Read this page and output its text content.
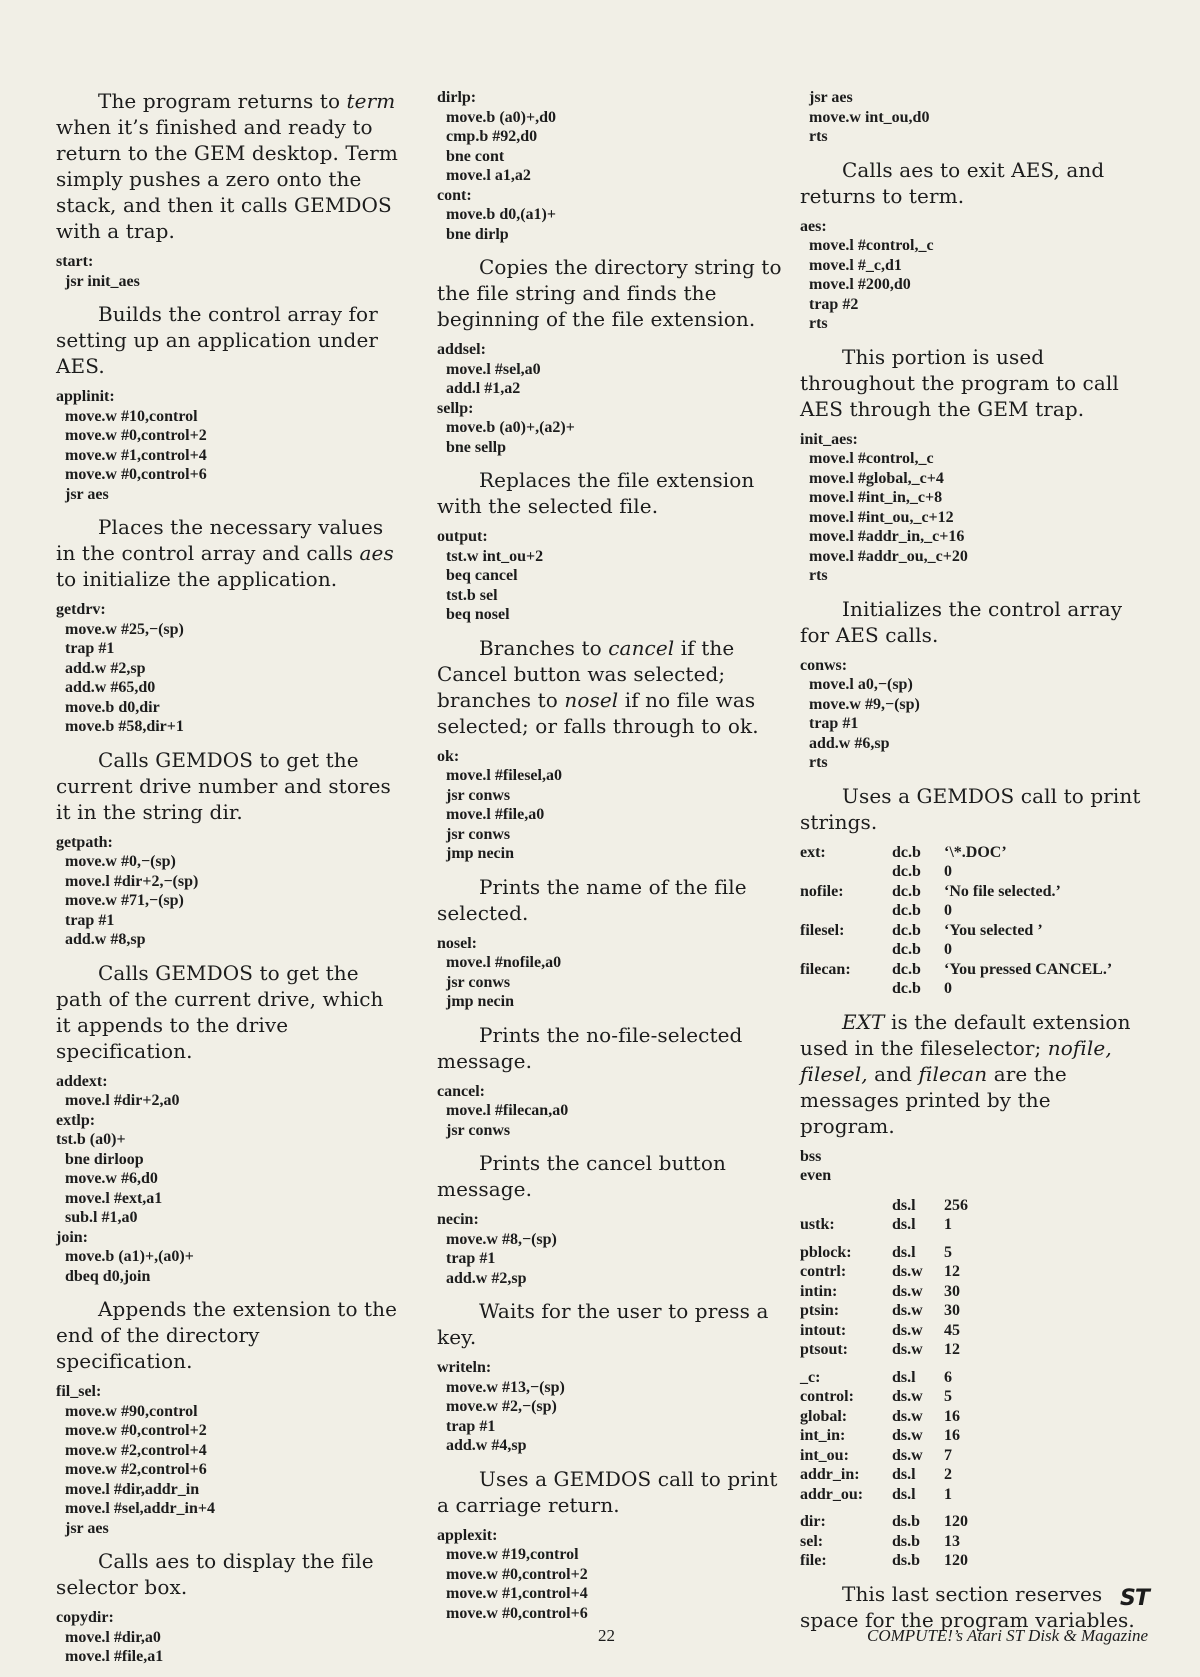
The program returns to term when it’s finished and ready to return to the GEM desktop. Term simply pushes a zero onto the stack, and then it calls GEMDOS with a trap.

start:
jsr init_aes

Builds the control array for setting up an application under AES.

applinit:
move.w #10,control
move.w #0,control+2
move.w #1,control+4
move.w #0,control+6
jsr aes

Places the necessary values in the control array and calls aes to initialize the application.

getdrv:
move.w #25,−(sp)
trap #1
add.w #2,sp
add.w #65,d0
move.b d0,dir
move.b #58,dir+1

Calls GEMDOS to get the current drive number and stores it in the string dir.

getpath:
move.w #0,−(sp)
move.l #dir+2,−(sp)
move.w #71,−(sp)
trap #1
add.w #8,sp

Calls GEMDOS to get the path of the current drive, which it appends to the drive specification.

addext:
move.l #dir+2,a0
extlp:
tst.b (a0)+
bne dirloop
move.w #6,d0
move.l #ext,a1
sub.l #1,a0
join:
move.b (a1)+,(a0)+
dbeq d0,join

Appends the extension to the end of the directory specification.

fil_sel:
move.w #90,control
move.w #0,control+2
move.w #2,control+4
move.w #2,control+6
move.l #dir,addr_in
move.l #sel,addr_in+4
jsr aes

Calls aes to display the file selector box.

copydir:
move.l #dir,a0
move.l #file,a1
dirlp:
move.b (a0)+,d0
cmp.b #92,d0
bne cont
move.l a1,a2
cont:
move.b d0,(a1)+
bne dirlp

Copies the directory string to the file string and finds the beginning of the file extension.

addsel:
move.l #sel,a0
add.l #1,a2
sellp:
move.b (a0)+,(a2)+
bne sellp

Replaces the file extension with the selected file.

output:
tst.w int_ou+2
beq cancel
tst.b sel
beq nosel

Branches to cancel if the Cancel button was selected; branches to nosel if no file was selected; or falls through to ok.

ok:
move.l #filesel,a0
jsr conws
move.l #file,a0
jsr conws
jmp necin

Prints the name of the file selected.

nosel:
move.l #nofile,a0
jsr conws
jmp necin

Prints the no-file-selected message.

cancel:
move.l #filecan,a0
jsr conws

Prints the cancel button message.

necin:
move.w #8,−(sp)
trap #1
add.w #2,sp

Waits for the user to press a key.

writeln:
move.w #13,−(sp)
move.w #2,−(sp)
trap #1
add.w #4,sp

Uses a GEMDOS call to print a carriage return.

applexit:
move.w #19,control
move.w #0,control+2
move.w #1,control+4
move.w #0,control+6
jsr aes
move.w int_ou,d0
rts

Calls aes to exit AES, and returns to term.

aes:
move.l #control,_c
move.l #_c,d1
move.l #200,d0
trap #2
rts

This portion is used throughout the program to call AES through the GEM trap.

init_aes:
move.l #control,_c
move.l #global,_c+4
move.l #int_in,_c+8
move.l #int_ou,_c+12
move.l #addr_in,_c+16
move.l #addr_ou,_c+20
rts

Initializes the control array for AES calls.

conws:
move.l a0,−(sp)
move.w #9,−(sp)
trap #1
add.w #6,sp
rts

Uses a GEMDOS call to print strings.

ext:	dc.b	‘\*.DOC’
	dc.b	0
nofile:	dc.b	‘No file selected.’
	dc.b	0
filesel:	dc.b	‘You selected ’
	dc.b	0
filecan:	dc.b	‘You pressed CANCEL.’
	dc.b	0

EXT is the default extension used in the fileselector; nofile, filesel, and filecan are the messages printed by the program.

bss
even
	ds.l	256
ustk:	ds.l	1

pblock:	ds.l	5
contrl:	ds.w	12
intin:	ds.w	30
ptsin:	ds.w	30
intout:	ds.w	45
ptsout:	ds.w	12

_c:	ds.l	6
control:	ds.w	5
global:	ds.w	16
int_in:	ds.w	16
int_ou:	ds.w	7
addr_in:	ds.l	2
addr_ou:	ds.l	1

dir:	ds.b	120
sel:	ds.b	13
file:	ds.b	120

This last section reserves space for the program variables.

ST
22	COMPUTE!’s Atari ST Disk & Magazine
